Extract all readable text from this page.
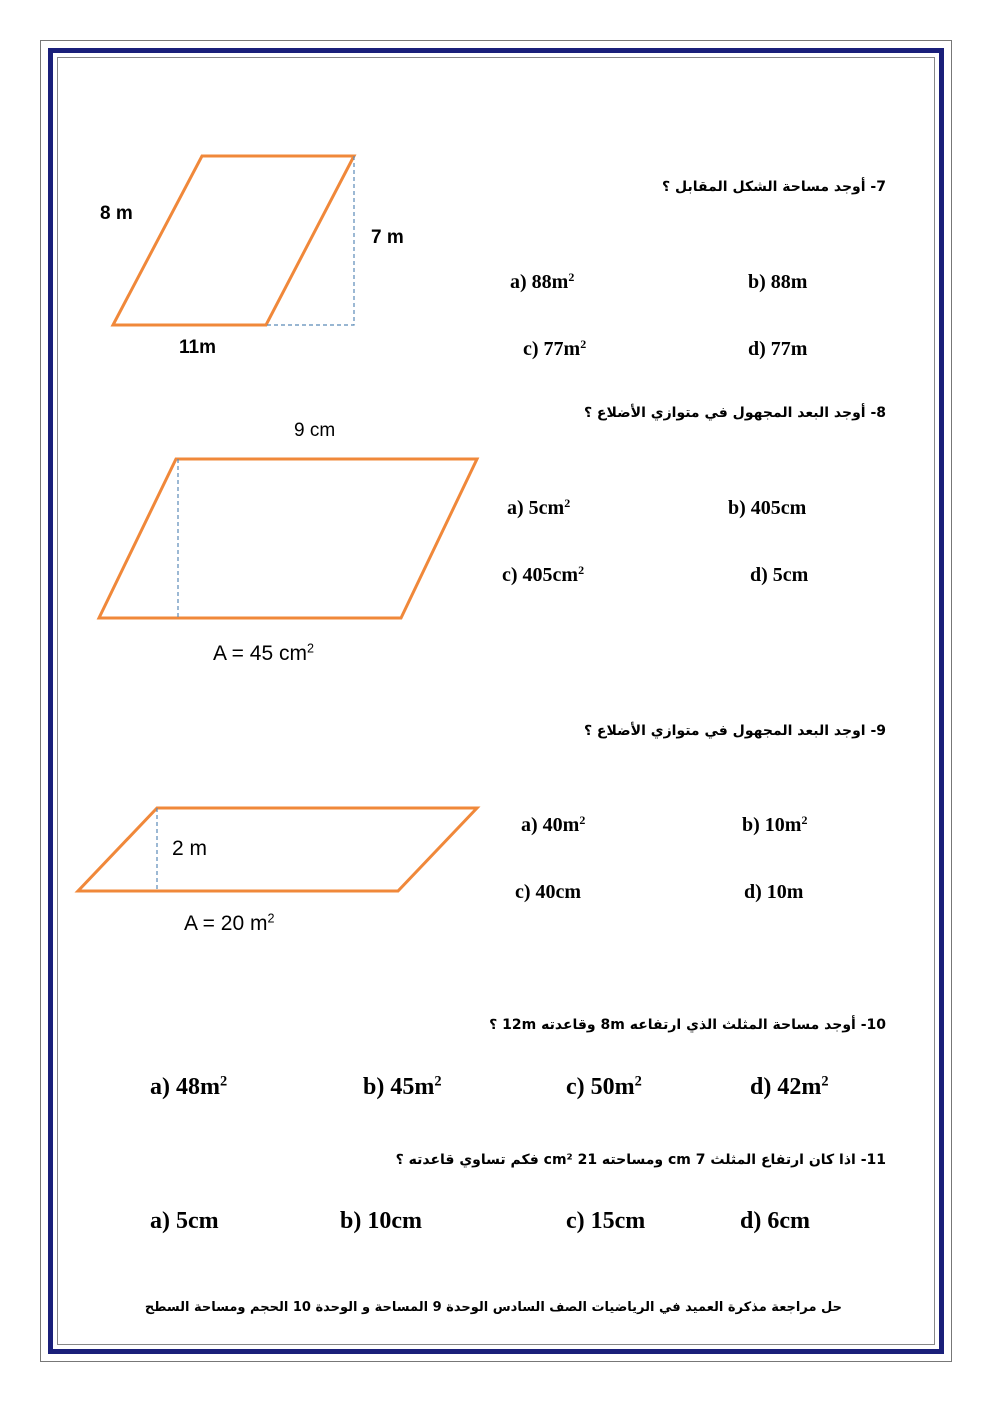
7- أوجد مساحة الشكل المقابل ؟
8 m
7 m
11m
a) $88m^2$	b) 88m
c) $77m^2$	d) 77m
8- أوجد البعد المجهول في متوازي الأضلاع ؟
9 cm
A = 45 $cm^2$
a) $5cm^2$	b) 405cm
c) $405cm^2$	d) 5cm
9- اوجد البعد المجهول في متوازي الأضلاع ؟
2 m
A = 20 $m^2$
a) $40m^2$	b) $10m^2$
c) 40cm	d) 10m
10- أوجد مساحة المثلث الذي ارتفاعه 8m وقاعدته 12m ؟
a) $48m^2$	b) $45m^2$	c) $50m^2$	d) $42m^2$
11- اذا كان ارتفاع المثلث 7 cm ومساحته 21 cm² فكم تساوي قاعدته ؟
a) 5cm	b) 10cm	c) 15cm	d) 6cm
حل مراجعة مذكرة العميد في الرياضيات الصف السادس الوحدة 9 المساحة و الوحدة 10 الحجم ومساحة السطح
